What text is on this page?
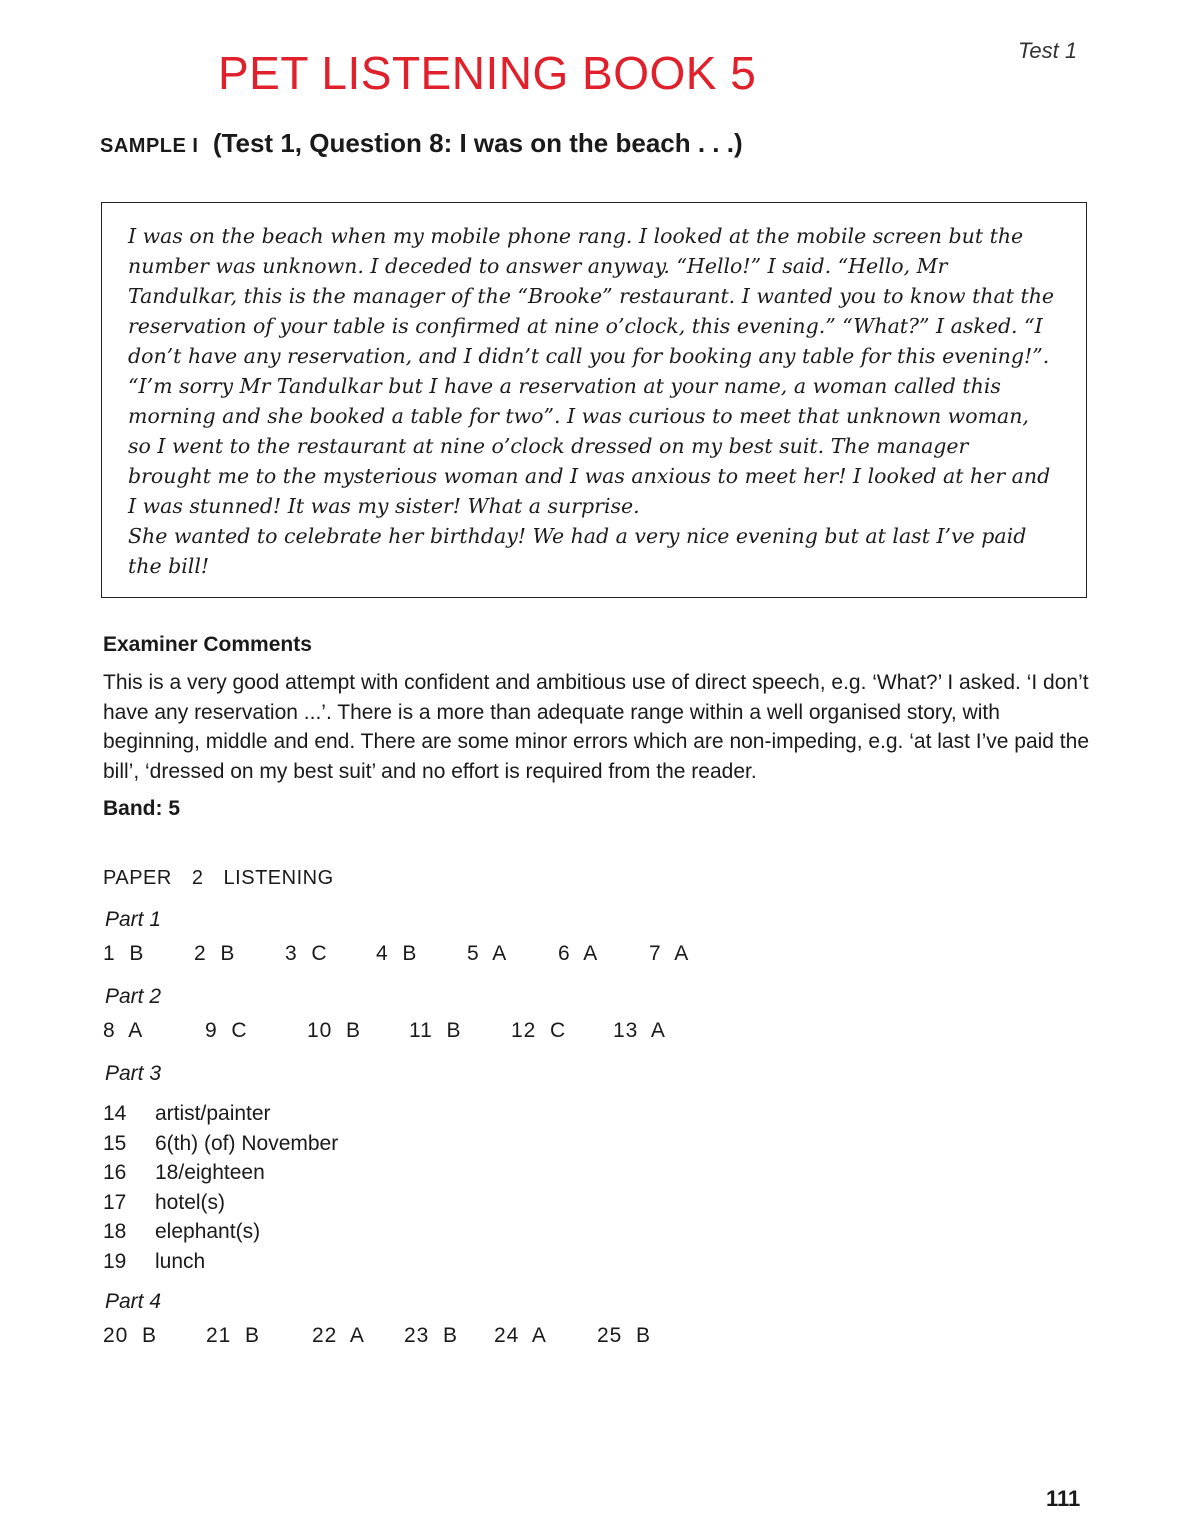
Test 1
PET LISTENING BOOK 5
SAMPLE I (Test 1, Question 8: I was on the beach . . .)

I was on the beach when my mobile phone rang. I looked at the mobile screen but the number was unknown. I deceded to answer anyway. “Hello!” I said. “Hello, Mr Tandulkar, this is the manager of the “Brooke” restaurant. I wanted you to know that the reservation of your table is confirmed at nine o’clock, this evening.” “What?” I asked. “I don’t have any reservation, and I didn’t call you for booking any table for this evening!”. “I’m sorry Mr Tandulkar but I have a reservation at your name, a woman called this morning and she booked a table for two”. I was curious to meet that unknown woman, so I went to the restaurant at nine o’clock dressed on my best suit. The manager brought me to the mysterious woman and I was anxious to meet her! I looked at her and I was stunned! It was my sister! What a surprise.
She wanted to celebrate her birthday! We had a very nice evening but at last I’ve paid the bill!

Examiner Comments

This is a very good attempt with confident and ambitious use of direct speech, e.g. ‘What?’ I asked. ‘I don’t have any reservation ...’. There is a more than adequate range within a well organised story, with beginning, middle and end. There are some minor errors which are non-impeding, e.g. ‘at last I’ve paid the bill’, ‘dressed on my best suit’ and no effort is required from the reader.

Band: 5
PAPER 2 LISTENING
Part 1
1  B	2  B	3  C	4  B	5  A	6  A	7  A
Part 2
8  A	9  C	10  B	11  B	12  C	13  A
Part 3
14	artist/painter
15	6(th) (of) November
16	18/eighteen
17	hotel(s)
18	elephant(s)
19	lunch
Part 4
20  B	21  B	22  A	23  B	24  A	25  B
111
